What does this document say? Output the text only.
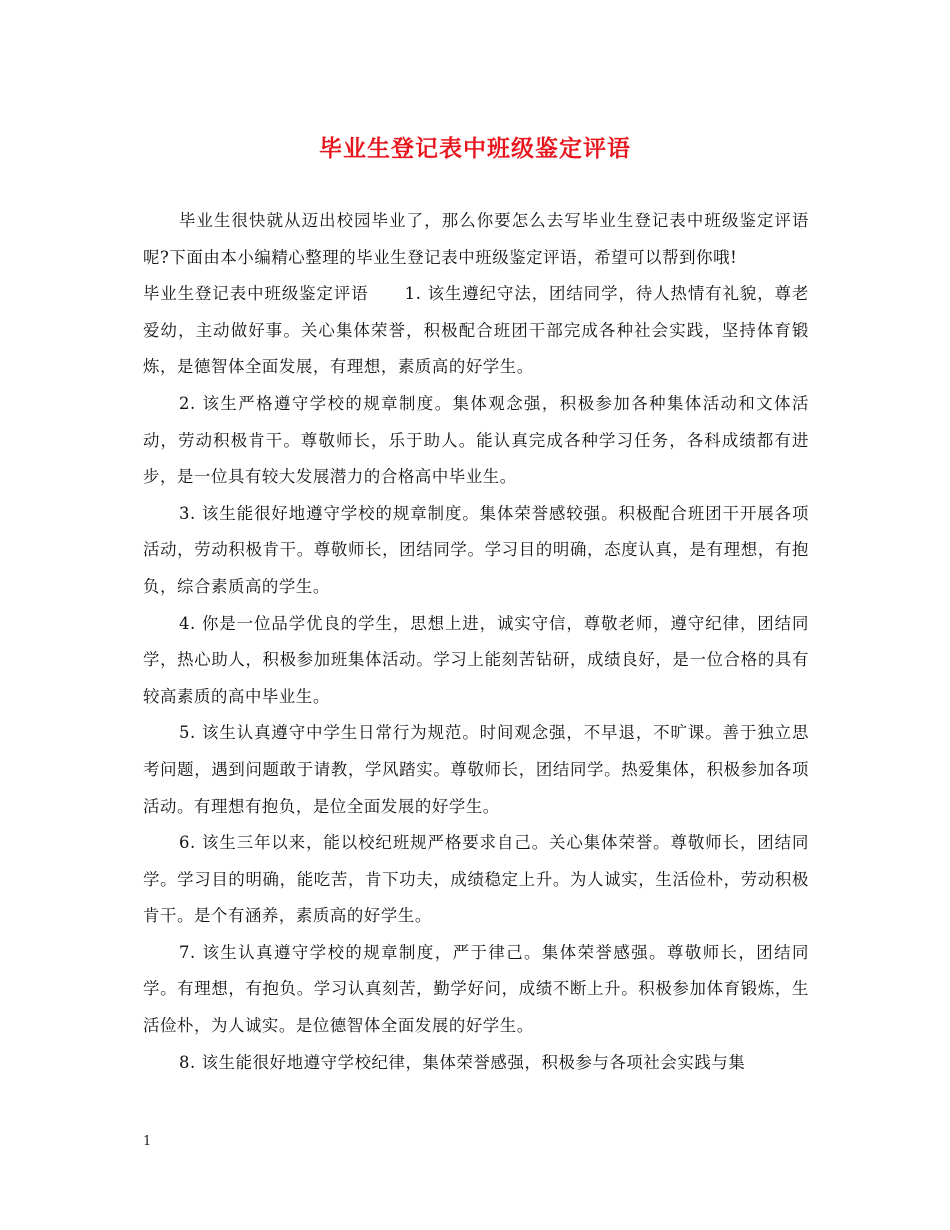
毕业生登记表中班级鉴定评语

毕业生很快就从迈出校园毕业了，那么你要怎么去写毕业生登记表中班级鉴定评语呢?下面由本小编精心整理的毕业生登记表中班级鉴定评语，希望可以帮到你哦!

毕业生登记表中班级鉴定评语 1. 该生遵纪守法，团结同学，待人热情有礼貌，尊老爱幼，主动做好事。关心集体荣誉，积极配合班团干部完成各种社会实践，坚持体育锻炼，是德智体全面发展，有理想，素质高的好学生。

2. 该生严格遵守学校的规章制度。集体观念强，积极参加各种集体活动和文体活动，劳动积极肯干。尊敬师长，乐于助人。能认真完成各种学习任务，各科成绩都有进步，是一位具有较大发展潜力的合格高中毕业生。

3. 该生能很好地遵守学校的规章制度。集体荣誉感较强。积极配合班团干开展各项活动，劳动积极肯干。尊敬师长，团结同学。学习目的明确，态度认真，是有理想，有抱负，综合素质高的学生。

4. 你是一位品学优良的学生，思想上进，诚实守信，尊敬老师，遵守纪律，团结同学，热心助人，积极参加班集体活动。学习上能刻苦钻研，成绩良好，是一位合格的具有较高素质的高中毕业生。

5. 该生认真遵守中学生日常行为规范。时间观念强，不早退，不旷课。善于独立思考问题，遇到问题敢于请教，学风踏实。尊敬师长，团结同学。热爱集体，积极参加各项活动。有理想有抱负，是位全面发展的好学生。

6. 该生三年以来，能以校纪班规严格要求自己。关心集体荣誉。尊敬师长，团结同学。学习目的明确，能吃苦，肯下功夫，成绩稳定上升。为人诚实，生活俭朴，劳动积极肯干。是个有涵养，素质高的好学生。

7. 该生认真遵守学校的规章制度，严于律己。集体荣誉感强。尊敬师长，团结同学。有理想，有抱负。学习认真刻苦，勤学好问，成绩不断上升。积极参加体育锻炼，生活俭朴，为人诚实。是位德智体全面发展的好学生。

8. 该生能很好地遵守学校纪律，集体荣誉感强，积极参与各项社会实践与集

1
